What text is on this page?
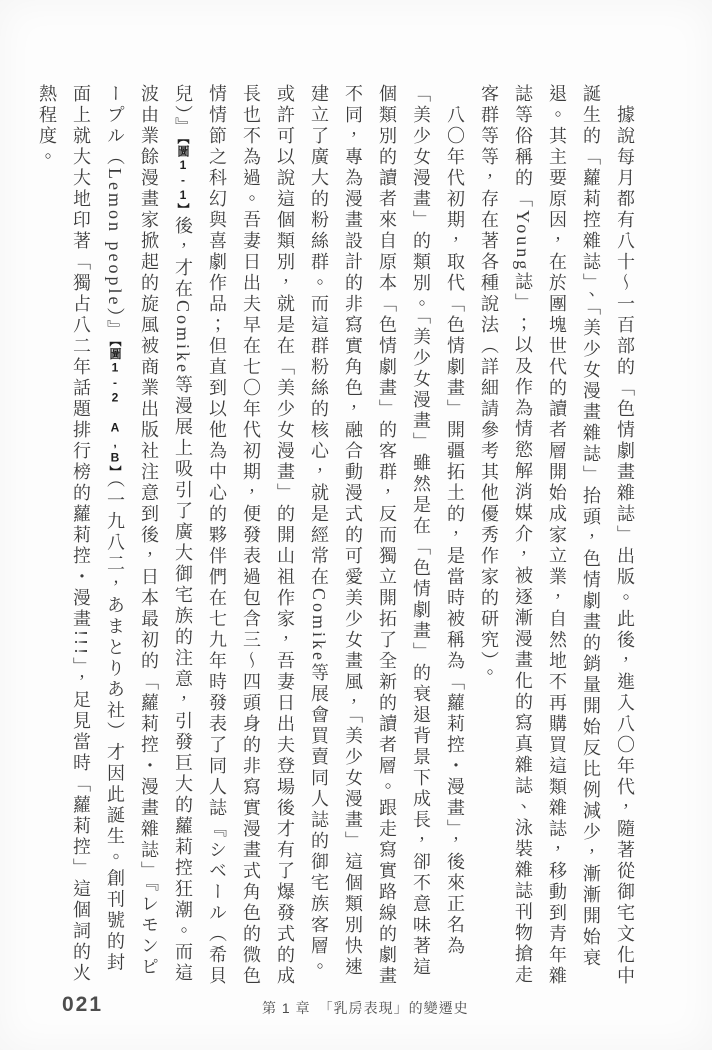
據說每月都有八十～一百部的「色情劇畫雜誌」出版。此後，進入八〇年代，隨著從御宅文化中誕生的「蘿莉控雜誌」、「美少女漫畫雜誌」抬頭，色情劇畫的銷量開始反比例減少，漸漸開始衰退。其主要原因，在於團塊世代的讀者層開始成家立業，自然地不再購買這類雜誌，移動到青年雜誌等俗稱的「Young誌」；以及作為情慾解消媒介，被逐漸漫畫化的寫真雜誌、泳裝雜誌刊物搶走客群等等，存在著各種說法（詳細請參考其他優秀作家的研究）。

八〇年代初期，取代「色情劇畫」開疆拓土的，是當時被稱為「蘿莉控・漫畫」，後來正名為「美少女漫畫」的類別。「美少女漫畫」雖然是在「色情劇畫」的衰退背景下成長，卻不意味著這個類別的讀者來自原本「色情劇畫」的客群，反而獨立開拓了全新的讀者層。跟走寫實路線的劇畫不同，專為漫畫設計的非寫實角色，融合動漫式的可愛美少女畫風，「美少女漫畫」這個類別快速建立了廣大的粉絲群。而這群粉絲的核心，就是經常在Comike等展會買賣同人誌的御宅族客層。或許可以說這個類別，就是在「美少女漫畫」的開山祖作家，吾妻日出夫登場後才有了爆發式的成長也不為過。吾妻日出夫早在七〇年代初期，便發表過包含三～四頭身的非寫實漫畫式角色的微色情情節之科幻與喜劇作品；但直到以他為中心的夥伴們在七九年時發表了同人誌『シベール（希貝兒）』【圖1-1】後，才在Comike等漫展上吸引了廣大御宅族的注意，引發巨大的蘿莉控狂潮。而這波由業餘漫畫家掀起的旋風被商業出版社注意到後，日本最初的「蘿莉控・漫畫雜誌」『レモンピープル（Lemon people）』【圖1-2 A,B】（一九八二，あまとりあ社）才因此誕生。創刊號的封面上就大大地印著「獨占八二年話題排行榜的蘿莉控・漫畫!!!」，足見當時「蘿莉控」這個詞的火熱程度。

021	第 1 章　「乳房表現」的變遷史
